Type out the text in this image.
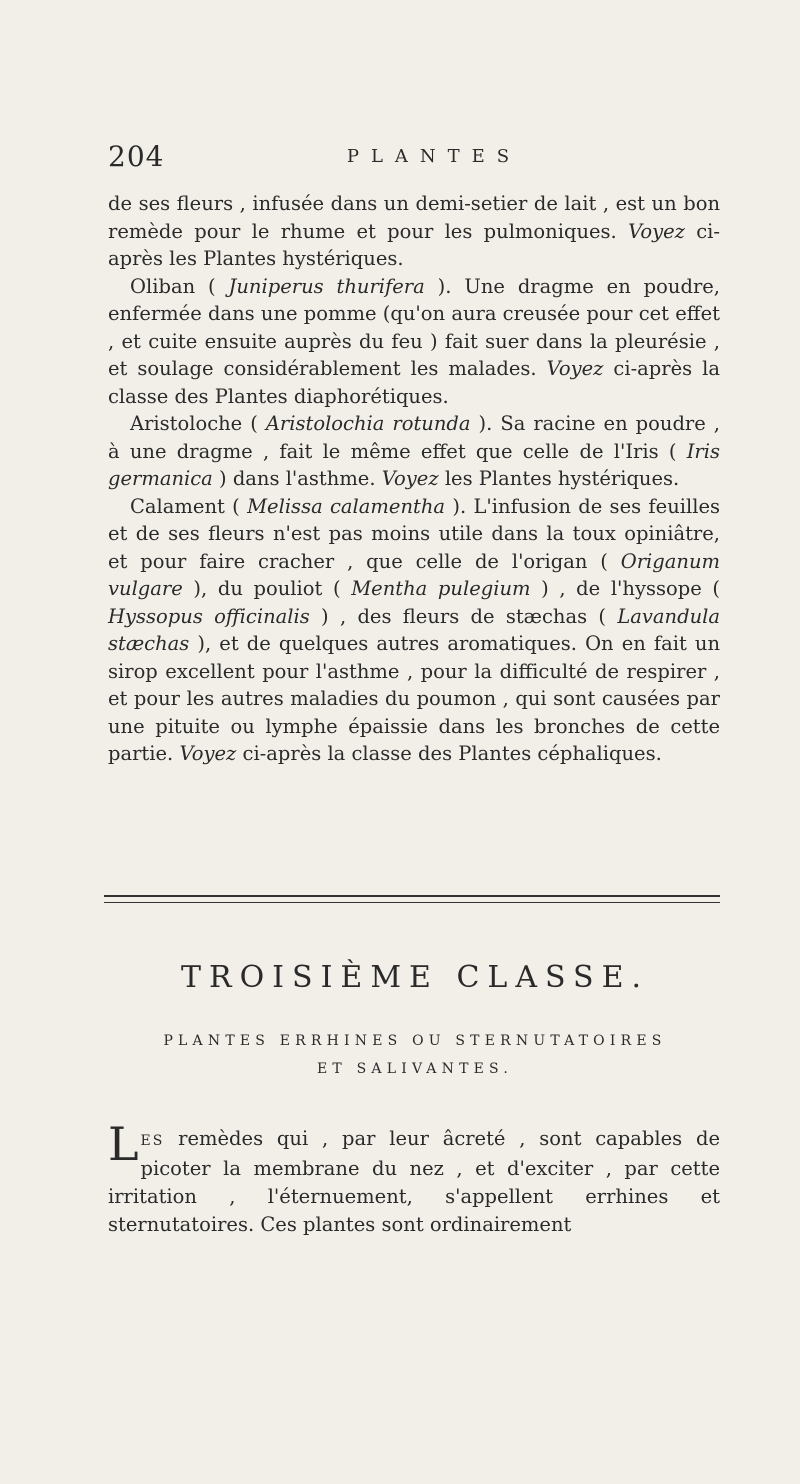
204	PLANTES

de ses fleurs , infusée dans un demi-setier de lait , est un bon remède pour le rhume et pour les pulmoniques. Voyez ci-après les Plantes hystériques.

Oliban ( Juniperus thurifera ). Une dragme en poudre, enfermée dans une pomme (qu'on aura creusée pour cet effet , et cuite ensuite auprès du feu ) fait suer dans la pleurésie , et soulage considérablement les malades. Voyez ci-après la classe des Plantes diaphorétiques.

Aristoloche ( Aristolochia rotunda ). Sa racine en poudre , à une dragme , fait le même effet que celle de l'Iris ( Iris germanica ) dans l'asthme. Voyez les Plantes hystériques.

Calament ( Melissa calamentha ). L'infusion de ses feuilles et de ses fleurs n'est pas moins utile dans la toux opiniâtre, et pour faire cracher , que celle de l'origan ( Origanum vulgare ), du pouliot ( Mentha pulegium ) , de l'hyssope ( Hyssopus officinalis ) , des fleurs de stæchas ( Lavandula stæchas ), et de quelques autres aromatiques. On en fait un sirop excellent pour l'asthme , pour la difficulté de respirer , et pour les autres maladies du poumon , qui sont causées par une pituite ou lymphe épaissie dans les bronches de cette partie. Voyez ci-après la classe des Plantes céphaliques.

TROISIÈME CLASSE.
PLANTES ERRHINES OU STERNUTATOIRES
ET SALIVANTES.
LES remèdes qui , par leur âcreté , sont capables de picoter la membrane du nez , et d'exciter , par cette irritation , l'éternuement, s'appellent errhines et sternutatoires. Ces plantes sont ordinairement
